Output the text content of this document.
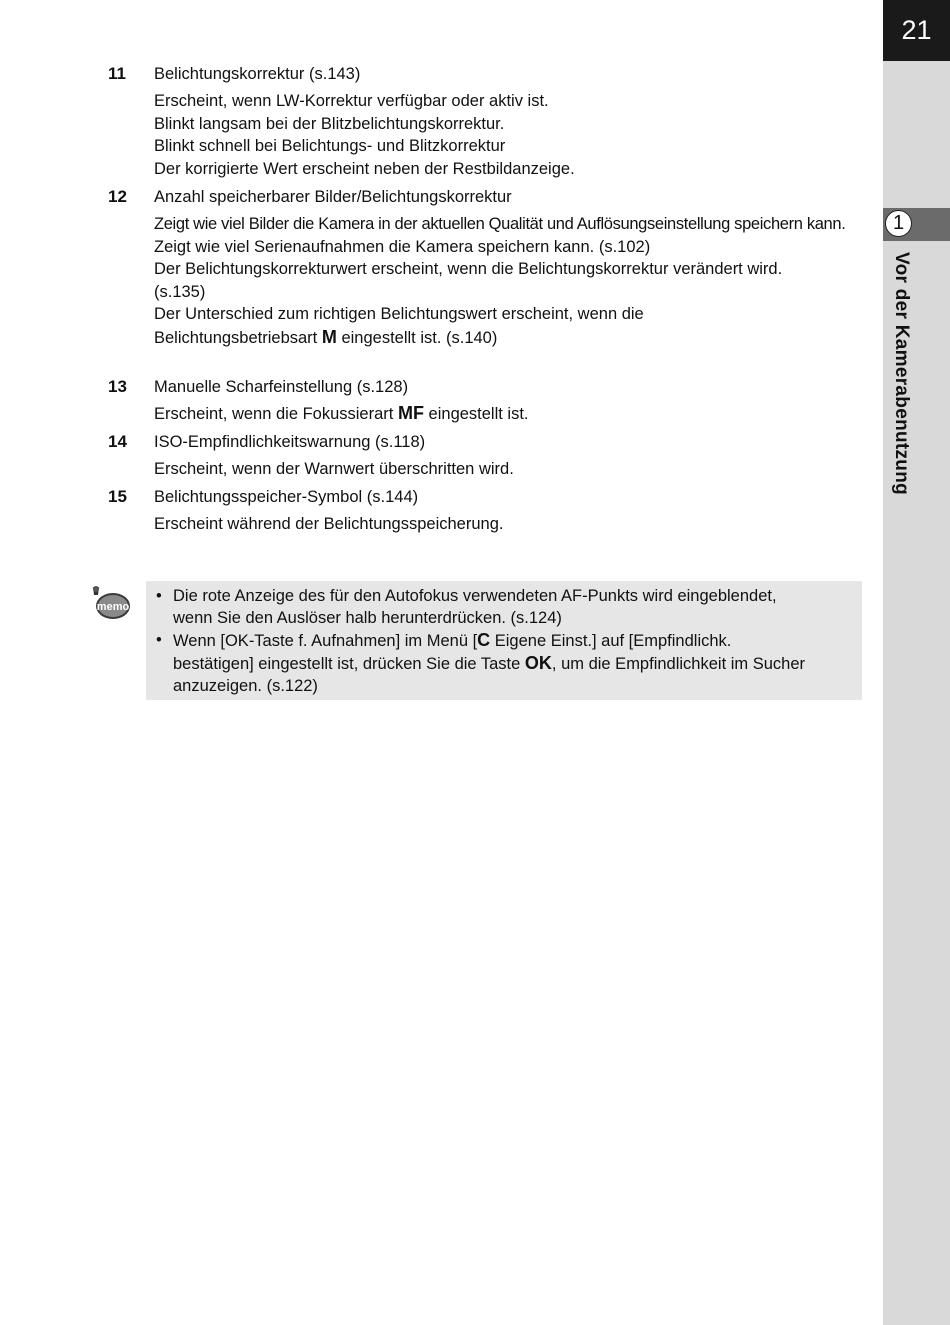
21
1
Vor der Kamerabenutzung
11	Belichtungskorrektur (s.143)
Erscheint, wenn LW-Korrektur verfügbar oder aktiv ist.
Blinkt langsam bei der Blitzbelichtungskorrektur.
Blinkt schnell bei Belichtungs- und Blitzkorrektur
Der korrigierte Wert erscheint neben der Restbildanzeige.
12	Anzahl speicherbarer Bilder/Belichtungskorrektur
Zeigt wie viel Bilder die Kamera in der aktuellen Qualität und Auflösungseinstellung speichern kann.
Zeigt wie viel Serienaufnahmen die Kamera speichern kann. (s.102)
Der Belichtungskorrekturwert erscheint, wenn die Belichtungskorrektur verändert wird.
(s.135)
Der Unterschied zum richtigen Belichtungswert erscheint, wenn die
Belichtungsbetriebsart M eingestellt ist. (s.140)
13	Manuelle Scharfeinstellung (s.128)
Erscheint, wenn die Fokussierart MF eingestellt ist.
14	ISO-Empfindlichkeitswarnung (s.118)
Erscheint, wenn der Warnwert überschritten wird.
15	Belichtungsspeicher-Symbol (s.144)
Erscheint während der Belichtungsspeicherung.
memo
• Die rote Anzeige des für den Autofokus verwendeten AF-Punkts wird eingeblendet,
wenn Sie den Auslöser halb herunterdrücken. (s.124)
• Wenn [OK-Taste f. Aufnahmen] im Menü [C Eigene Einst.] auf [Empfindlichk.
bestätigen] eingestellt ist, drücken Sie die Taste OK, um die Empfindlichkeit im Sucher
anzuzeigen. (s.122)
